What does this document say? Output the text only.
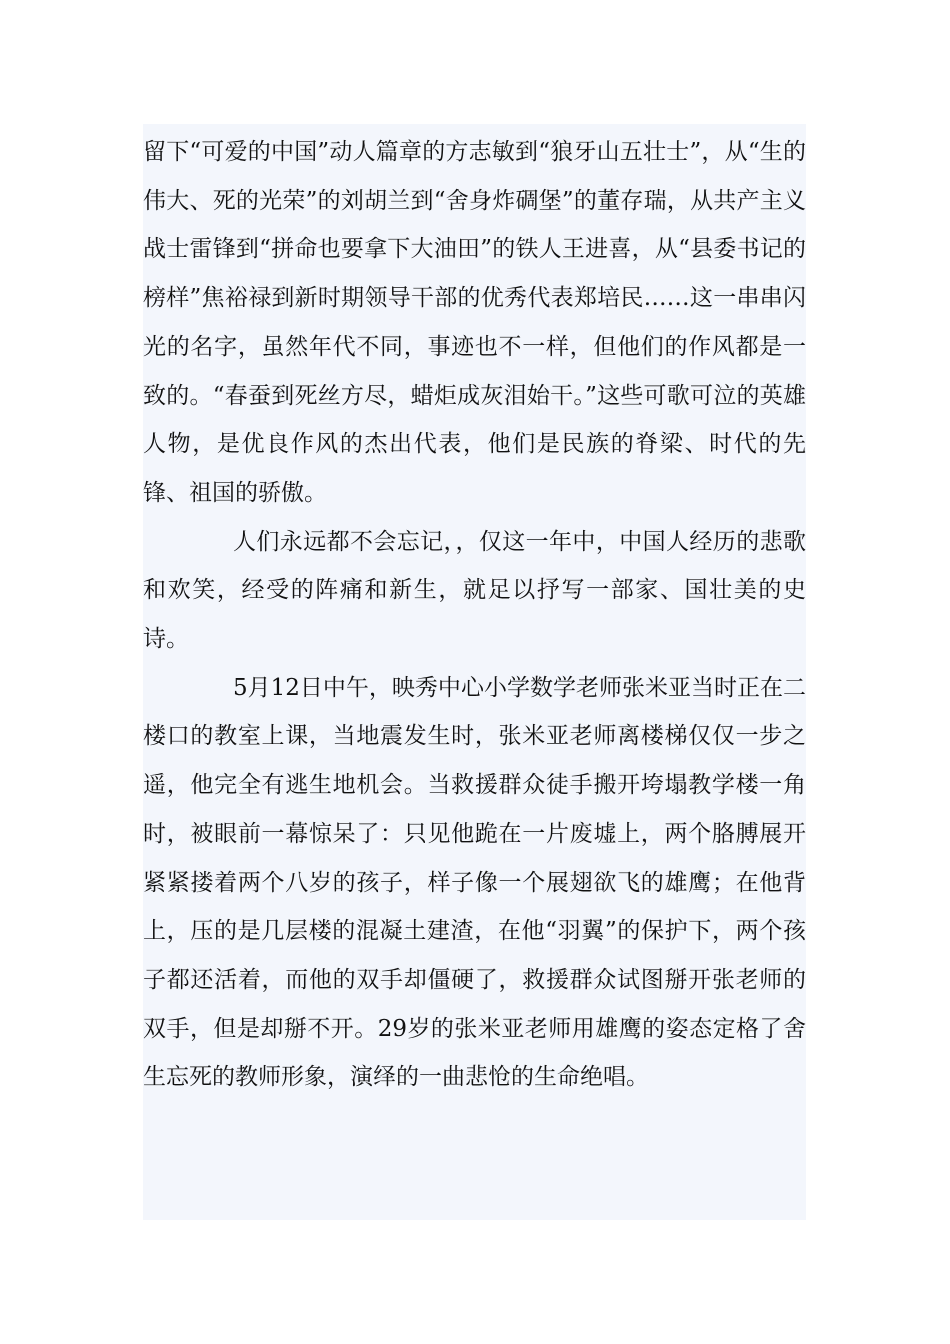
留下“可爱的中国”动人篇章的方志敏到“狼牙山五壮士”，从“生的伟大、死的光荣”的刘胡兰到“舍身炸碉堡”的董存瑞，从共产主义战士雷锋到“拼命也要拿下大油田”的铁人王进喜，从“县委书记的榜样”焦裕禄到新时期领导干部的优秀代表郑培民……这一串串闪光的名字，虽然年代不同，事迹也不一样，但他们的作风都是一致的。“春蚕到死丝方尽，蜡炬成灰泪始干。”这些可歌可泣的英雄人物，是优良作风的杰出代表，他们是民族的脊梁、时代的先锋、祖国的骄傲。

人们永远都不会忘记，，仅这一年中，中国人经历的悲歌和欢笑，经受的阵痛和新生，就足以抒写一部家、国壮美的史诗。

5月12日中午，映秀中心小学数学老师张米亚当时正在二楼口的教室上课，当地震发生时，张米亚老师离楼梯仅仅一步之遥，他完全有逃生地机会。当救援群众徒手搬开垮塌教学楼一角时，被眼前一幕惊呆了：只见他跪在一片废墟上，两个胳膊展开紧紧搂着两个八岁的孩子，样子像一个展翅欲飞的雄鹰；在他背上，压的是几层楼的混凝土建渣，在他“羽翼”的保护下，两个孩子都还活着，而他的双手却僵硬了，救援群众试图掰开张老师的双手，但是却掰不开。29岁的张米亚老师用雄鹰的姿态定格了舍生忘死的教师形象，演绎的一曲悲怆的生命绝唱。
